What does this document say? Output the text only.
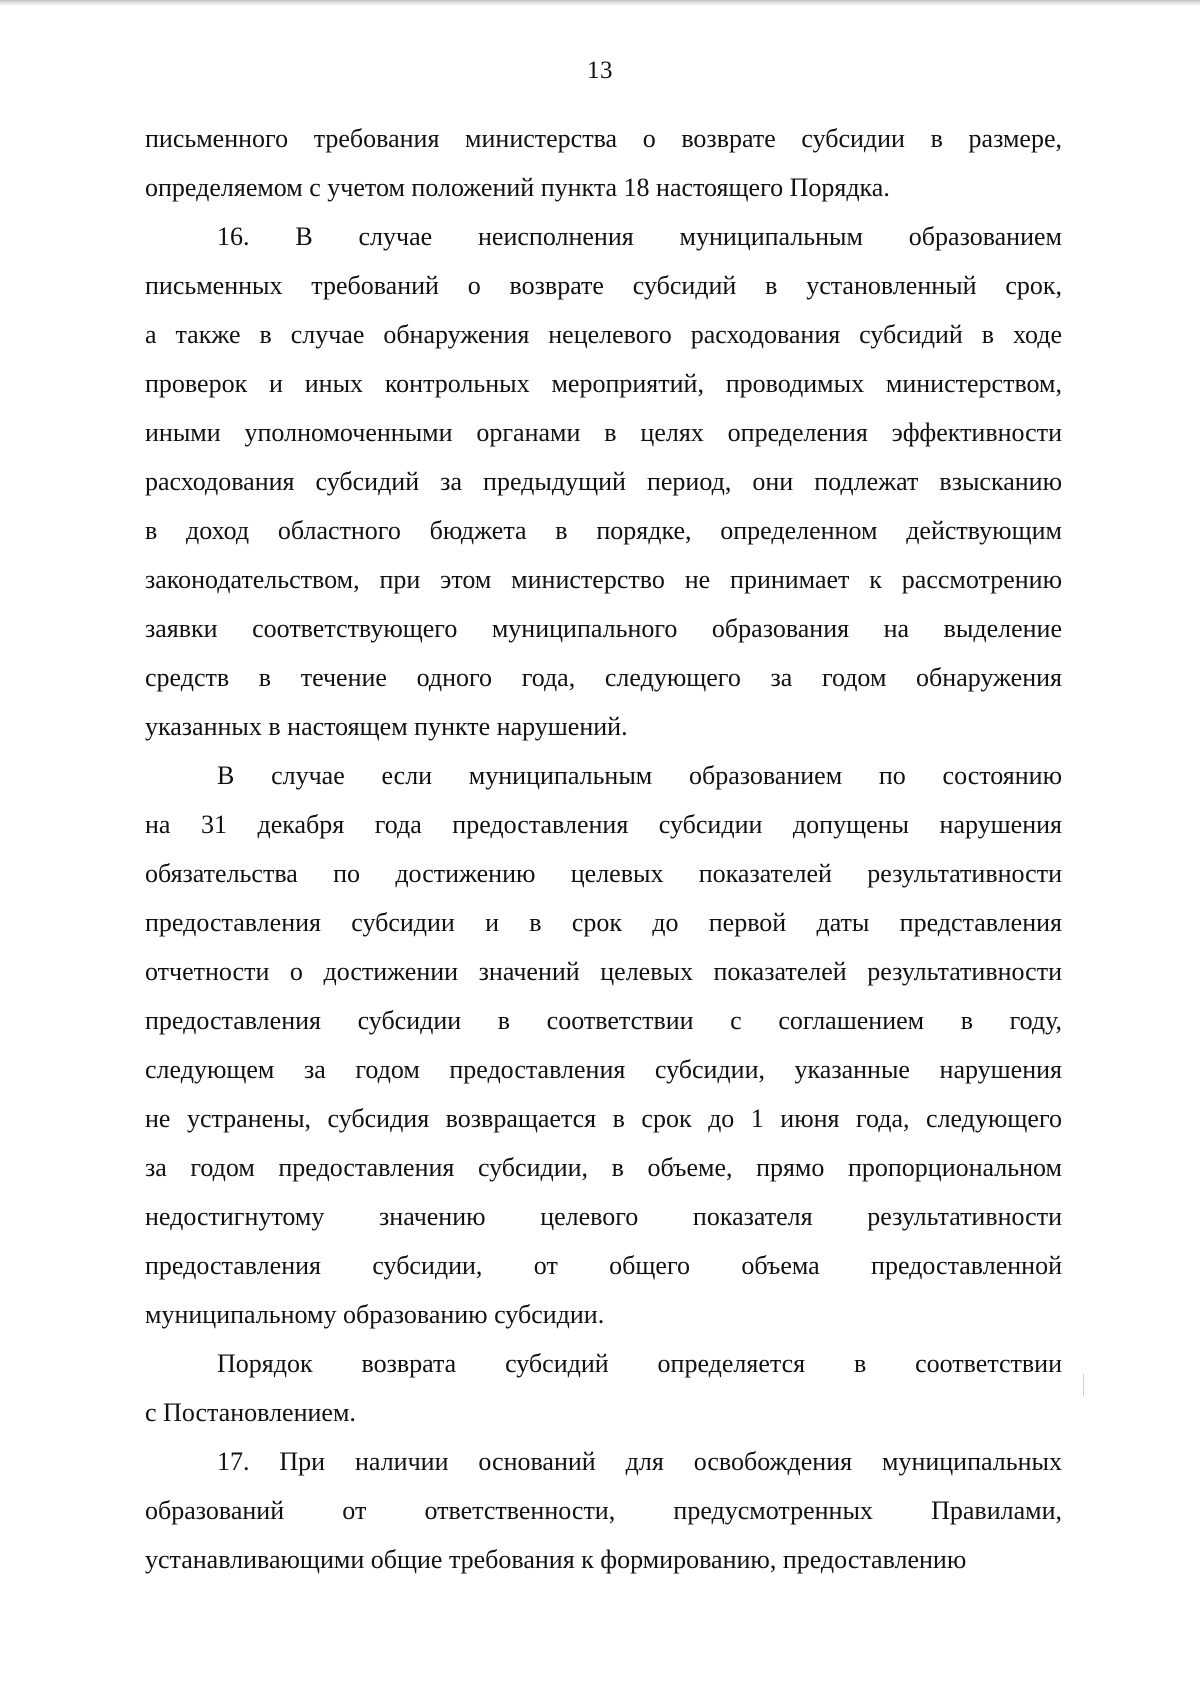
13
письменного требования министерства о возврате субсидии в размере,
определяемом с учетом положений пункта 18 настоящего Порядка.
16. В случае неисполнения муниципальным образованием
письменных требований о возврате субсидий в установленный срок,
а также в случае обнаружения нецелевого расходования субсидий в ходе
проверок и иных контрольных мероприятий, проводимых министерством,
иными уполномоченными органами в целях определения эффективности
расходования субсидий за предыдущий период, они подлежат взысканию
в доход областного бюджета в порядке, определенном действующим
законодательством, при этом министерство не принимает к рассмотрению
заявки соответствующего муниципального образования на выделение
средств в течение одного года, следующего за годом обнаружения
указанных в настоящем пункте нарушений.
В случае если муниципальным образованием по состоянию
на 31 декабря года предоставления субсидии допущены нарушения
обязательства по достижению целевых показателей результативности
предоставления субсидии и в срок до первой даты представления
отчетности о достижении значений целевых показателей результативности
предоставления субсидии в соответствии с соглашением в году,
следующем за годом предоставления субсидии, указанные нарушения
не устранены, субсидия возвращается в срок до 1 июня года, следующего
за годом предоставления субсидии, в объеме, прямо пропорциональном
недостигнутому значению целевого показателя результативности
предоставления субсидии, от общего объема предоставленной
муниципальному образованию субсидии.
Порядок возврата субсидий определяется в соответствии
с Постановлением.
17. При наличии оснований для освобождения муниципальных
образований от ответственности, предусмотренных Правилами,
устанавливающими общие требования к формированию, предоставлению
